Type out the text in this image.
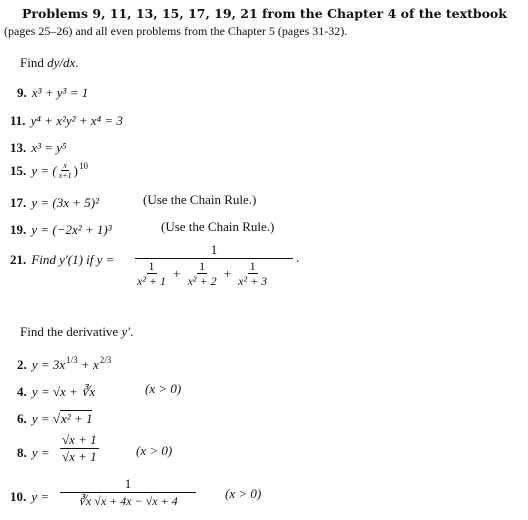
Problems 9, 11, 13, 15, 17, 19, 21 from the Chapter 4 of the textbook
(pages 25–26) and all even problems from the Chapter 5 (pages 31-32).
Find dy/dx.
9. x³ + y³ = 1
11. y⁴ + x²y² + x⁴ = 3
13. x³ = y⁵
15. y = ( $\frac{x}{x+1} )^{10}$
17. y = (3x + 5)²	(Use the Chain Rule.)
19. y = (−2x² + 1)³	(Use the Chain Rule.)
21. Find y′(1) if y =
1
$\frac{1}{\text{x² + 1}} + \frac{1}{\text{x² + 2}} + \frac{1}{\text{x² + 3}}$
.
Find the derivative y′.
2. $y = 3x^{1/3} + x^{2/3}$
4. y = √x + ∛x	(x > 0)
6. y = √x² + 1
8. $y = \frac{√x + 1}{√x + 1}$	(x > 0)
10. $y = \frac{1}{∛x √x + 4x - √x + 4} (x > 0)$
